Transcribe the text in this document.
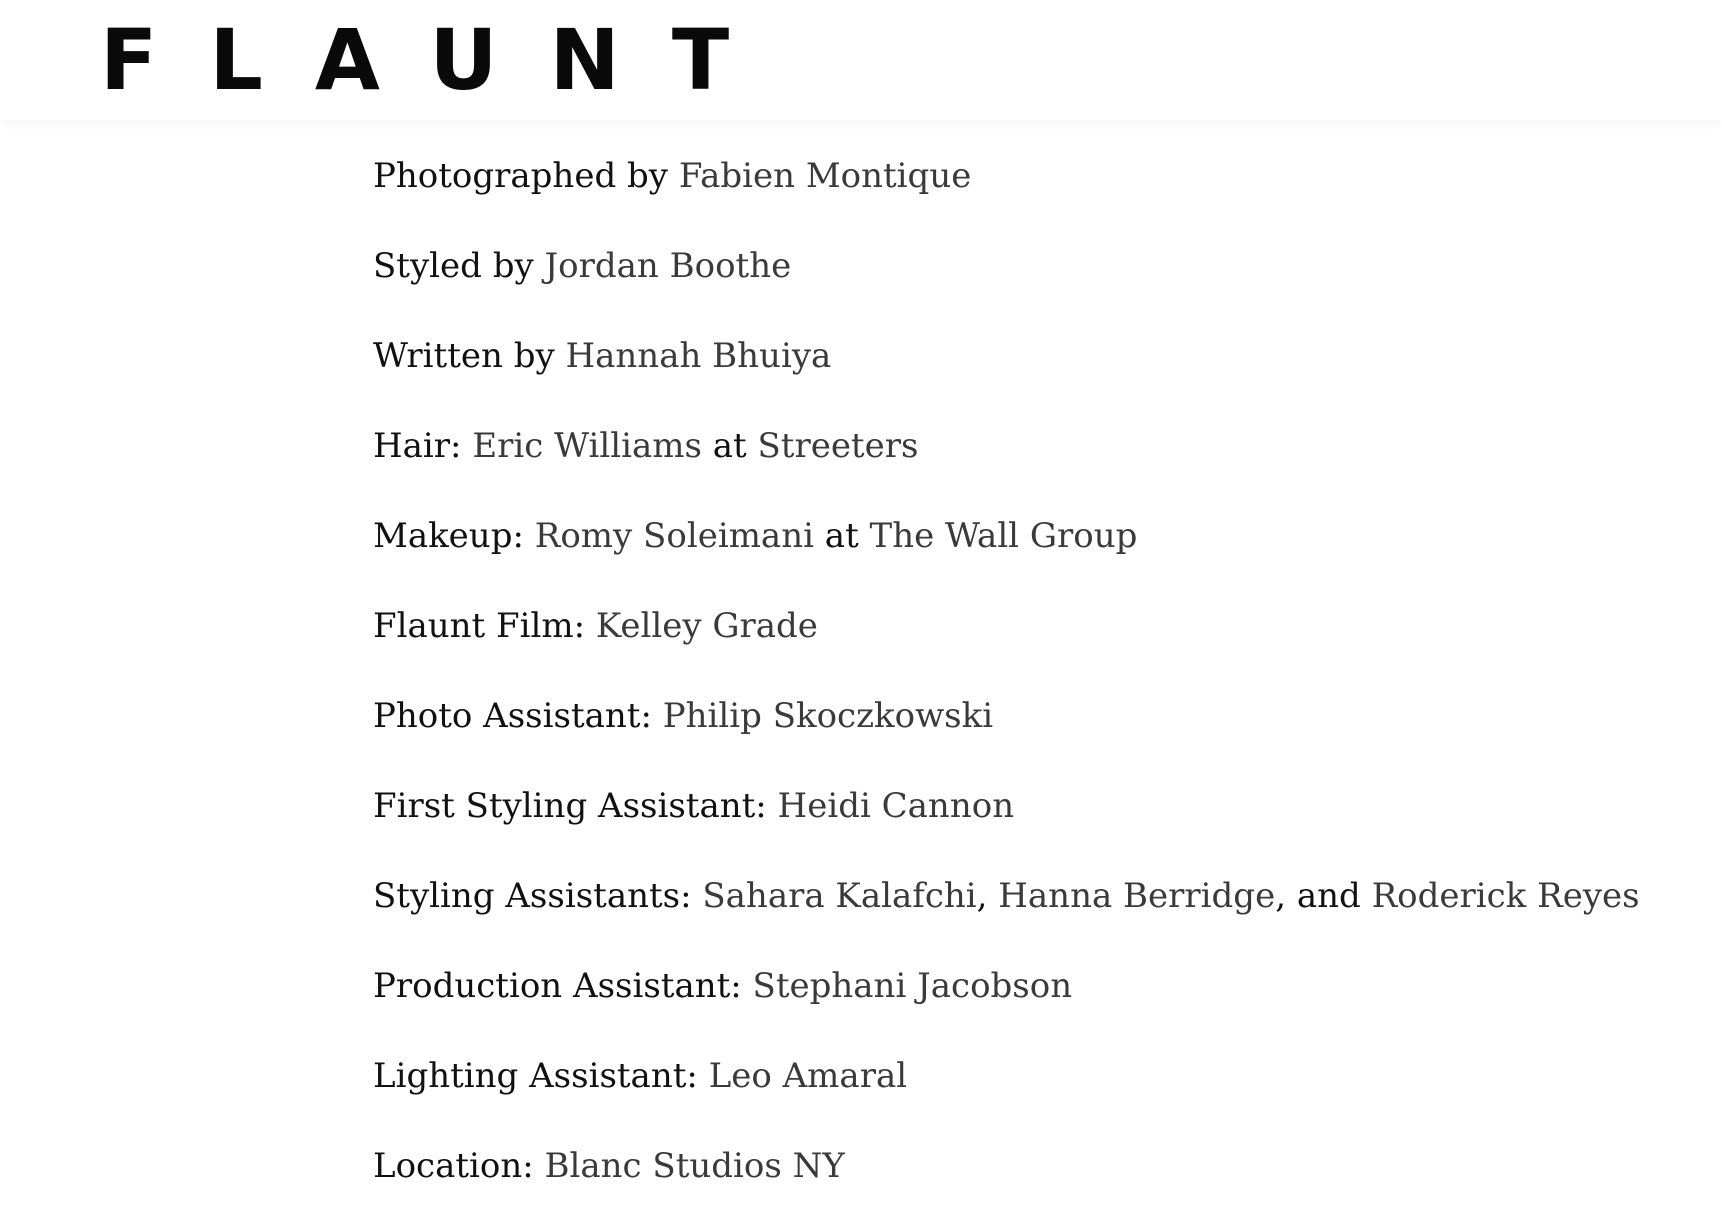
FLAUNT
Photographed by Fabien Montique
Styled by Jordan Boothe
Written by Hannah Bhuiya
Hair: Eric Williams at Streeters
Makeup: Romy Soleimani at The Wall Group
Flaunt Film: Kelley Grade
Photo Assistant: Philip Skoczkowski
First Styling Assistant: Heidi Cannon
Styling Assistants: Sahara Kalafchi, Hanna Berridge, and Roderick Reyes
Production Assistant: Stephani Jacobson
Lighting Assistant: Leo Amaral
Location: Blanc Studios NY
